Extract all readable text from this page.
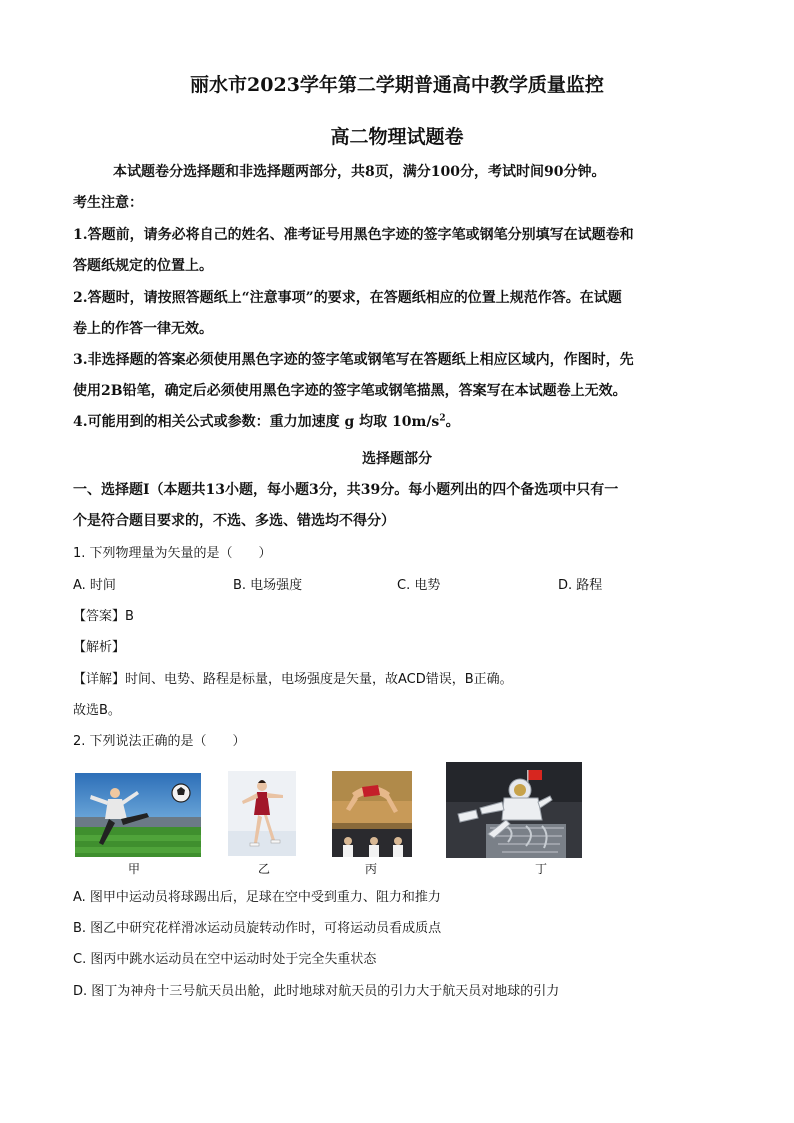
丽水市2023学年第二学期普通高中教学质量监控
高二物理试题卷
本试题卷分选择题和非选择题两部分，共8页，满分100分，考试时间90分钟。
考生注意：
1.答题前，请务必将自己的姓名、准考证号用黑色字迹的签字笔或钢笔分别填写在试题卷和
答题纸规定的位置上。
2.答题时，请按照答题纸上“注意事项”的要求，在答题纸相应的位置上规范作答。在试题
卷上的作答一律无效。
3.非选择题的答案必须使用黑色字迹的签字笔或钢笔写在答题纸上相应区域内，作图时，先
使用2B铅笔，确定后必须使用黑色字迹的签字笔或钢笔描黑，答案写在本试题卷上无效。
4.可能用到的相关公式或参数：重力加速度 g 均取 $10m/s^2$。
选择题部分
一、选择题Ⅰ（本题共13小题，每小题3分，共39分。每小题列出的四个备选项中只有一
个是符合题目要求的，不选、多选、错选均不得分）
1. 下列物理量为矢量的是（　　）
A. 时间	B. 电场强度	C. 电势	D. 路程
【答案】B
【解析】
【详解】时间、电势、路程是标量，电场强度是矢量，故ACD错误，B正确。
故选B。
2. 下列说法正确的是（　　）
甲	乙	丙	丁
A. 图甲中运动员将球踢出后，足球在空中受到重力、阻力和推力
B. 图乙中研究花样滑冰运动员旋转动作时，可将运动员看成质点
C. 图丙中跳水运动员在空中运动时处于完全失重状态
D. 图丁为神舟十三号航天员出舱，此时地球对航天员的引力大于航天员对地球的引力
